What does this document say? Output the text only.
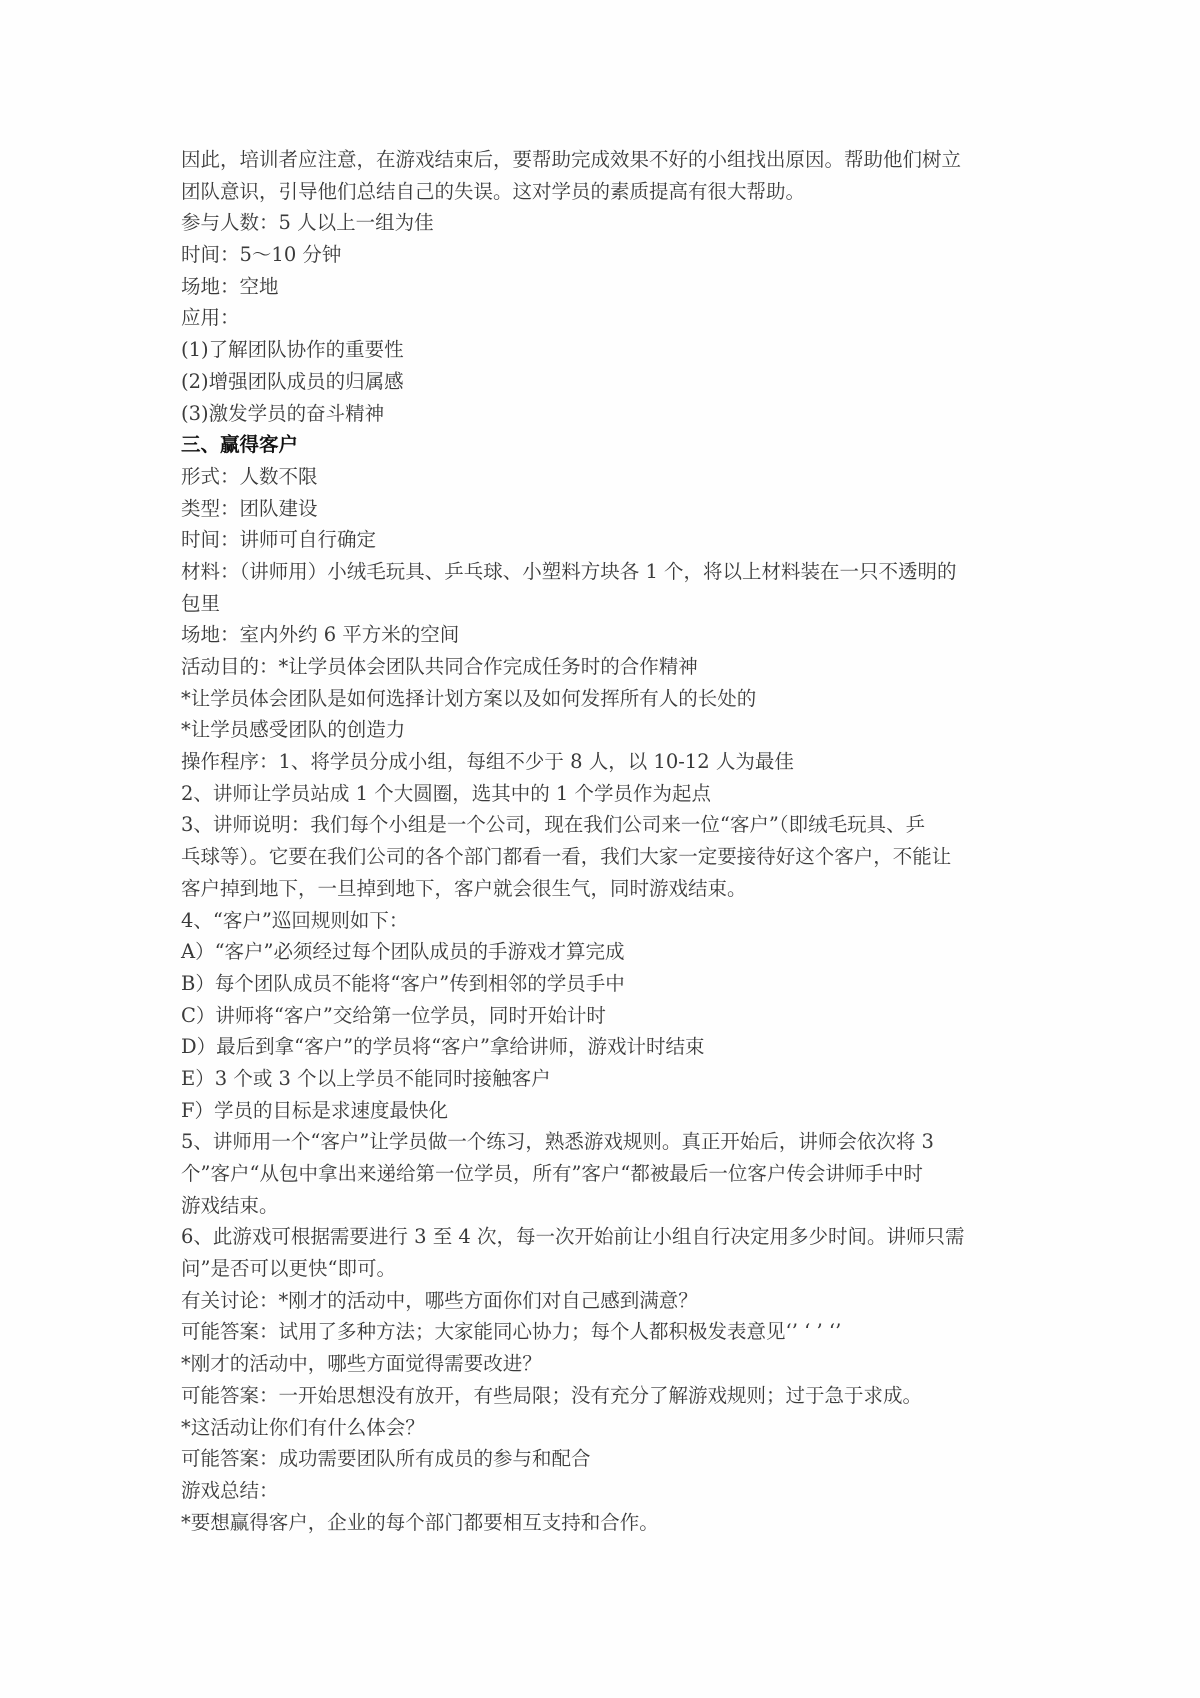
因此，培训者应注意，在游戏结束后，要帮助完成效果不好的小组找出原因。帮助他们树立
团队意识，引导他们总结自己的失误。这对学员的素质提高有很大帮助。
参与人数：5 人以上一组为佳
时间：5～10 分钟
场地：空地
应用：
(1)了解团队协作的重要性
(2)增强团队成员的归属感
(3)激发学员的奋斗精神
三、赢得客户
形式：人数不限
类型：团队建设
时间：讲师可自行确定
材料：（讲师用）小绒毛玩具、乒乓球、小塑料方块各 1 个，将以上材料装在一只不透明的
包里
场地：室内外约 6 平方米的空间
活动目的：*让学员体会团队共同合作完成任务时的合作精神
*让学员体会团队是如何选择计划方案以及如何发挥所有人的长处的
*让学员感受团队的创造力
操作程序：1、将学员分成小组，每组不少于 8 人，以 10-12 人为最佳
2、讲师让学员站成 1 个大圆圈，选其中的 1 个学员作为起点
3、讲师说明：我们每个小组是一个公司，现在我们公司来一位“客户”（即绒毛玩具、乒
乓球等）。它要在我们公司的各个部门都看一看，我们大家一定要接待好这个客户，不能让
客户掉到地下，一旦掉到地下，客户就会很生气，同时游戏结束。
4、“客户”巡回规则如下：
A）“客户”必须经过每个团队成员的手游戏才算完成
B）每个团队成员不能将“客户”传到相邻的学员手中
C）讲师将“客户”交给第一位学员，同时开始计时
D）最后到拿“客户”的学员将“客户”拿给讲师，游戏计时结束
E）3 个或 3 个以上学员不能同时接触客户
F）学员的目标是求速度最快化
5、讲师用一个“客户”让学员做一个练习，熟悉游戏规则。真正开始后，讲师会依次将 3
个”客户“从包中拿出来递给第一位学员，所有”客户“都被最后一位客户传会讲师手中时
游戏结束。
6、此游戏可根据需要进行 3 至 4 次，每一次开始前让小组自行决定用多少时间。讲师只需
问”是否可以更快“即可。
有关讨论：*刚才的活动中，哪些方面你们对自己感到满意？
可能答案：试用了多种方法；大家能同心协力；每个人都积极发表意见‘’ ‘ ’ ‘’
*刚才的活动中，哪些方面觉得需要改进？
可能答案：一开始思想没有放开，有些局限；没有充分了解游戏规则；过于急于求成。
*这活动让你们有什么体会？
可能答案：成功需要团队所有成员的参与和配合
游戏总结：
*要想赢得客户，企业的每个部门都要相互支持和合作。
